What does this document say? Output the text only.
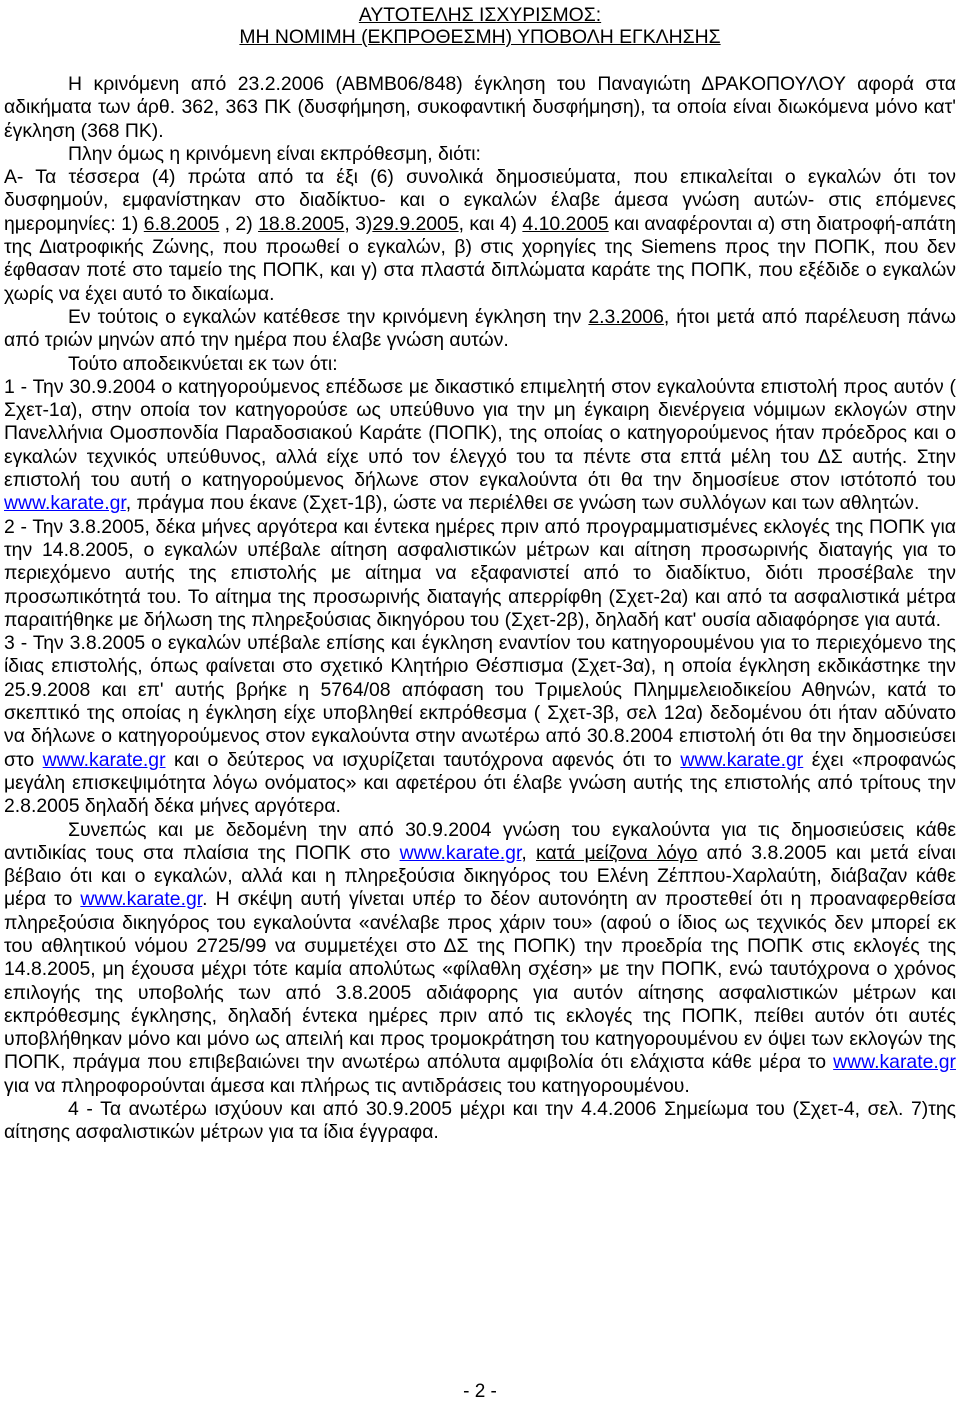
ΑΥΤΟΤΕΛΗΣ ΙΣΧΥΡΙΣΜΟΣ:
ΜΗ ΝΟΜΙΜΗ (ΕΚΠΡΟΘΕΣΜΗ) ΥΠΟΒΟΛΗ ΕΓΚΛΗΣΗΣ

Η κρινόμενη από 23.2.2006 (ΑΒΜΒ06/848) έγκληση του Παναγιώτη ΔΡΑΚΟΠΟΥΛΟΥ αφορά στα αδικήματα των άρθ. 362, 363 ΠΚ (δυσφήμηση, συκοφαντική δυσφήμηση), τα οποία είναι διωκόμενα μόνο κατ' έγκληση (368 ΠΚ).

Πλην όμως η κρινόμενη είναι εκπρόθεσμη, διότι:

Α- Τα τέσσερα (4) πρώτα από τα έξι (6) συνολικά δημοσιεύματα, που επικαλείται ο εγκαλών ότι τον δυσφημούν, εμφανίστηκαν στο διαδίκτυο- και ο εγκαλών έλαβε άμεσα γνώση αυτών- στις επόμενες ημερομηνίες: 1) 6.8.2005 , 2) 18.8.2005, 3)29.9.2005, και 4) 4.10.2005 και αναφέρονται α) στη διατροφή-απάτη της Διατροφικής Ζώνης, που προωθεί ο εγκαλών, β) στις χορηγίες της Siemens προς την ΠΟΠΚ, που δεν έφθασαν ποτέ στο ταμείο της ΠΟΠΚ, και γ) στα πλαστά διπλώματα καράτε της ΠΟΠΚ, που εξέδιδε ο εγκαλών χωρίς να έχει αυτό το δικαίωμα.

Εν τούτοις ο εγκαλών κατέθεσε την κρινόμενη έγκληση την 2.3.2006, ήτοι μετά από παρέλευση πάνω από τριών μηνών από την ημέρα που έλαβε γνώση αυτών.

Τούτο αποδεικνύεται εκ των ότι:

1 - Την 30.9.2004 ο κατηγορούμενος επέδωσε με δικαστικό επιμελητή στον εγκαλούντα επιστολή προς αυτόν ( Σχετ-1α), στην οποία τον κατηγορούσε ως υπεύθυνο για την μη έγκαιρη διενέργεια νόμιμων εκλογών στην Πανελλήνια Ομοσπονδία Παραδοσιακού Καράτε (ΠΟΠΚ), της οποίας ο κατηγορούμενος ήταν πρόεδρος και ο εγκαλών τεχνικός υπεύθυνος, αλλά είχε υπό τον έλεγχό του τα πέντε στα επτά μέλη του ΔΣ αυτής. Στην επιστολή του αυτή ο κατηγορούμενος δήλωνε στον εγκαλούντα ότι θα την δημοσίευε στον ιστότοπό του www.karate.gr, πράγμα που έκανε (Σχετ-1β), ώστε να περιέλθει σε γνώση των συλλόγων και των αθλητών.

2 - Την 3.8.2005, δέκα μήνες αργότερα και έντεκα ημέρες πριν από προγραμματισμένες εκλογές της ΠΟΠΚ για την 14.8.2005, ο εγκαλών υπέβαλε αίτηση ασφαλιστικών μέτρων και αίτηση προσωρινής διαταγής για το περιεχόμενο αυτής της επιστολής με αίτημα να εξαφανιστεί από το διαδίκτυο, διότι προσέβαλε την προσωπικότητά του. Το αίτημα της προσωρινής διαταγής απερρίφθη (Σχετ-2α) και από τα ασφαλιστικά μέτρα παραιτήθηκε με δήλωση της πληρεξούσιας δικηγόρου του (Σχετ-2β), δηλαδή κατ' ουσία αδιαφόρησε για αυτά.

3 - Την 3.8.2005 ο εγκαλών υπέβαλε επίσης και έγκληση εναντίον του κατηγορουμένου για το περιεχόμενο της ίδιας επιστολής, όπως φαίνεται στο σχετικό Κλητήριο Θέσπισμα (Σχετ-3α), η οποία έγκληση εκδικάστηκε την 25.9.2008 και επ' αυτής βρήκε η 5764/08 απόφαση του Τριμελούς Πλημμελειοδικείου Αθηνών, κατά το σκεπτικό της οποίας η έγκληση είχε υποβληθεί εκπρόθεσμα ( Σχετ-3β, σελ 12α) δεδομένου ότι ήταν αδύνατο να δήλωνε ο κατηγορούμενος στον εγκαλούντα στην ανωτέρω από 30.8.2004 επιστολή ότι θα την δημοσιεύσει στο www.karate.gr και ο δεύτερος να ισχυρίζεται ταυτόχρονα αφενός ότι το www.karate.gr έχει «προφανώς μεγάλη επισκεψιμότητα λόγω ονόματος» και αφετέρου ότι έλαβε γνώση αυτής της επιστολής από τρίτους την 2.8.2005 δηλαδή δέκα μήνες αργότερα.

Συνεπώς και με δεδομένη την από 30.9.2004 γνώση του εγκαλούντα για τις δημοσιεύσεις κάθε αντιδικίας τους στα πλαίσια της ΠΟΠΚ στο www.karate.gr, κατά μείζονα λόγο από 3.8.2005 και μετά είναι βέβαιο ότι και ο εγκαλών, αλλά και η πληρεξούσια δικηγόρος του Ελένη Ζέππου-Χαρλαύτη, διάβαζαν κάθε μέρα το www.karate.gr. Η σκέψη αυτή γίνεται υπέρ το δέον αυτονόητη αν προστεθεί ότι η προαναφερθείσα πληρεξούσια δικηγόρος του εγκαλούντα «ανέλαβε προς χάριν του» (αφού ο ίδιος ως τεχνικός δεν μπορεί εκ του αθλητικού νόμου 2725/99 να συμμετέχει στο ΔΣ της ΠΟΠΚ) την προεδρία της ΠΟΠΚ στις εκλογές της 14.8.2005, μη έχουσα μέχρι τότε καμία απολύτως «φίλαθλη σχέση» με την ΠΟΠΚ, ενώ ταυτόχρονα ο χρόνος επιλογής της υποβολής των από 3.8.2005 αδιάφορης για αυτόν αίτησης ασφαλιστικών μέτρων και εκπρόθεσμης έγκλησης, δηλαδή έντεκα ημέρες πριν από τις εκλογές της ΠΟΠΚ, πείθει αυτόν ότι αυτές υποβλήθηκαν μόνο και μόνο ως απειλή και προς τρομοκράτηση του κατηγορουμένου εν όψει των εκλογών της ΠΟΠΚ, πράγμα που επιβεβαιώνει την ανωτέρω απόλυτα αμφιβολία ότι ελάχιστα κάθε μέρα το www.karate.gr για να πληροφορούνται άμεσα και πλήρως τις αντιδράσεις του κατηγορουμένου.

4 - Τα ανωτέρω ισχύουν και από 30.9.2005 μέχρι και την 4.4.2006 Σημείωμα του (Σχετ-4, σελ. 7)της αίτησης ασφαλιστικών μέτρων για τα ίδια έγγραφα.

- 2 -
